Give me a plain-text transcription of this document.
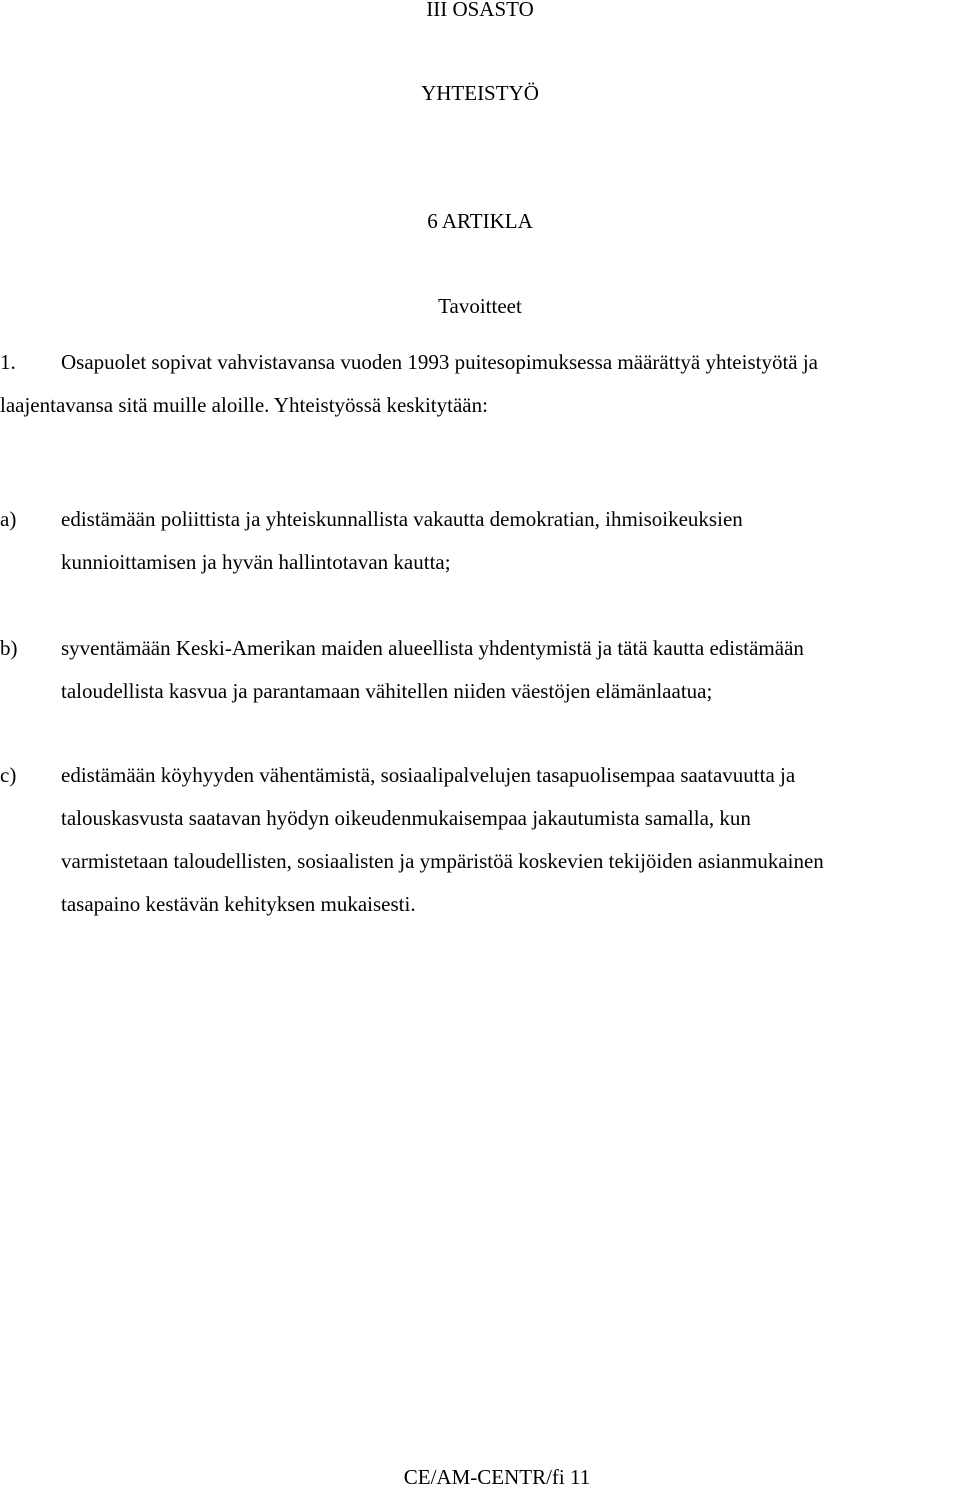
III OSASTO
YHTEISTYÖ
6 ARTIKLA
Tavoitteet
1. Osapuolet sopivat vahvistavansa vuoden 1993 puitesopimuksessa määrättyä yhteistyötä ja
laajentavansa sitä muille aloille. Yhteistyössä keskitytään:
a) edistämään poliittista ja yhteiskunnallista vakautta demokratian, ihmisoikeuksien
kunnioittamisen ja hyvän hallintotavan kautta;
b) syventämään Keski-Amerikan maiden alueellista yhdentymistä ja tätä kautta edistämään
taloudellista kasvua ja parantamaan vähitellen niiden väestöjen elämänlaatua;
c) edistämään köyhyyden vähentämistä, sosiaalipalvelujen tasapuolisempaa saatavuutta ja
talouskasvusta saatavan hyödyn oikeudenmukaisempaa jakautumista samalla, kun
varmistetaan taloudellisten, sosiaalisten ja ympäristöä koskevien tekijöiden asianmukainen
tasapaino kestävän kehityksen mukaisesti.
CE/AM-CENTR/fi 11
